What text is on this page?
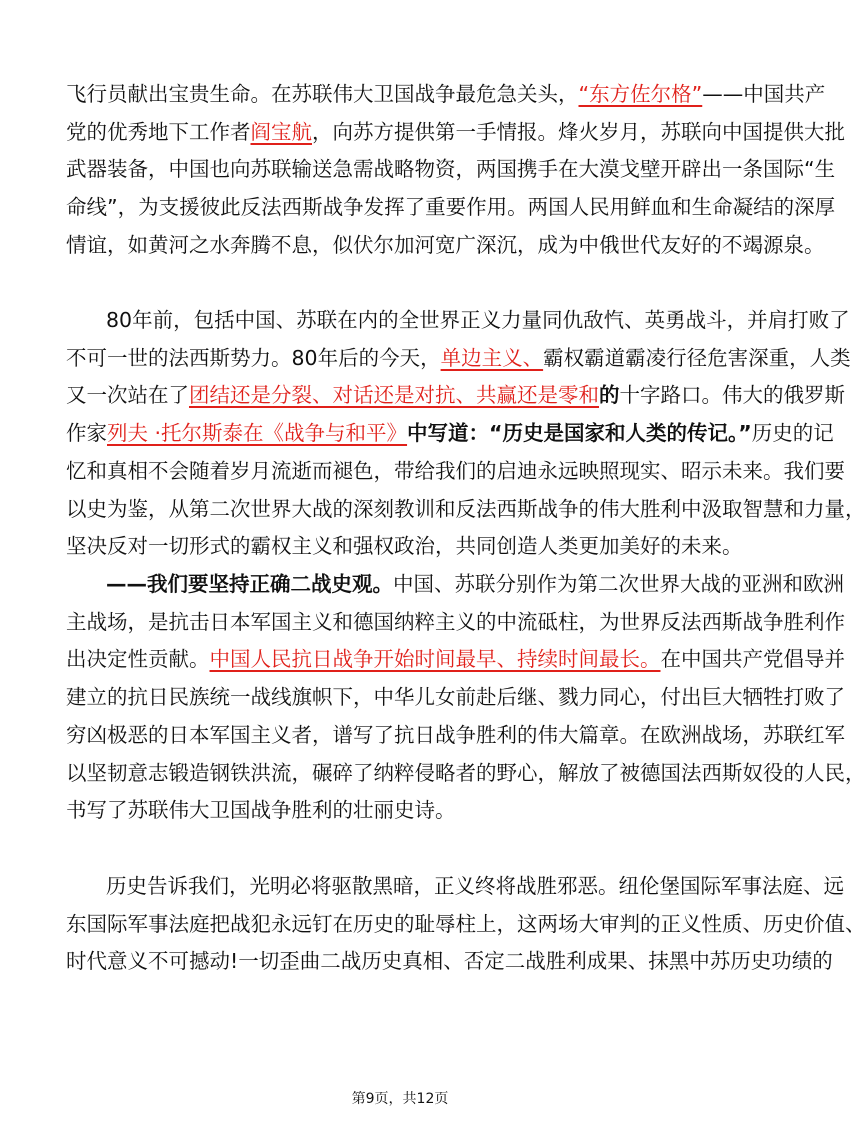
飞行员献出宝贵生命。在苏联伟大卫国战争最危急关头，“东方佐尔格”——中国共产
党的优秀地下工作者阎宝航，向苏方提供第一手情报。烽火岁月，苏联向中国提供大批
武器装备，中国也向苏联输送急需战略物资，两国携手在大漠戈壁开辟出一条国际“生
命线”，为支援彼此反法西斯战争发挥了重要作用。两国人民用鲜血和生命凝结的深厚
情谊，如黄河之水奔腾不息，似伏尔加河宽广深沉，成为中俄世代友好的不竭源泉。
80年前，包括中国、苏联在内的全世界正义力量同仇敌忾、英勇战斗，并肩打败了
不可一世的法西斯势力。80年后的今天，单边主义、霸权霸道霸凌行径危害深重，人类
又一次站在了团结还是分裂、对话还是对抗、共赢还是零和的十字路口。伟大的俄罗斯
作家列夫 ·托尔斯泰在《战争与和平》中写道：“历史是国家和人类的传记。”历史的记
忆和真相不会随着岁月流逝而褪色，带给我们的启迪永远映照现实、昭示未来。我们要
以史为鉴，从第二次世界大战的深刻教训和反法西斯战争的伟大胜利中汲取智慧和力量，
坚决反对一切形式的霸权主义和强权政治，共同创造人类更加美好的未来。
——我们要坚持正确二战史观。中国、苏联分别作为第二次世界大战的亚洲和欧洲
主战场，是抗击日本军国主义和德国纳粹主义的中流砥柱，为世界反法西斯战争胜利作
出决定性贡献。中国人民抗日战争开始时间最早、持续时间最长。在中国共产党倡导并
建立的抗日民族统一战线旗帜下，中华儿女前赴后继、戮力同心，付出巨大牺牲打败了
穷凶极恶的日本军国主义者，谱写了抗日战争胜利的伟大篇章。在欧洲战场，苏联红军
以坚韧意志锻造钢铁洪流，碾碎了纳粹侵略者的野心，解放了被德国法西斯奴役的人民，
书写了苏联伟大卫国战争胜利的壮丽史诗。
历史告诉我们，光明必将驱散黑暗，正义终将战胜邪恶。纽伦堡国际军事法庭、远
东国际军事法庭把战犯永远钉在历史的耻辱柱上，这两场大审判的正义性质、历史价值、
时代意义不可撼动!一切歪曲二战历史真相、否定二战胜利成果、抹黑中苏历史功绩的
第9页，共12页
